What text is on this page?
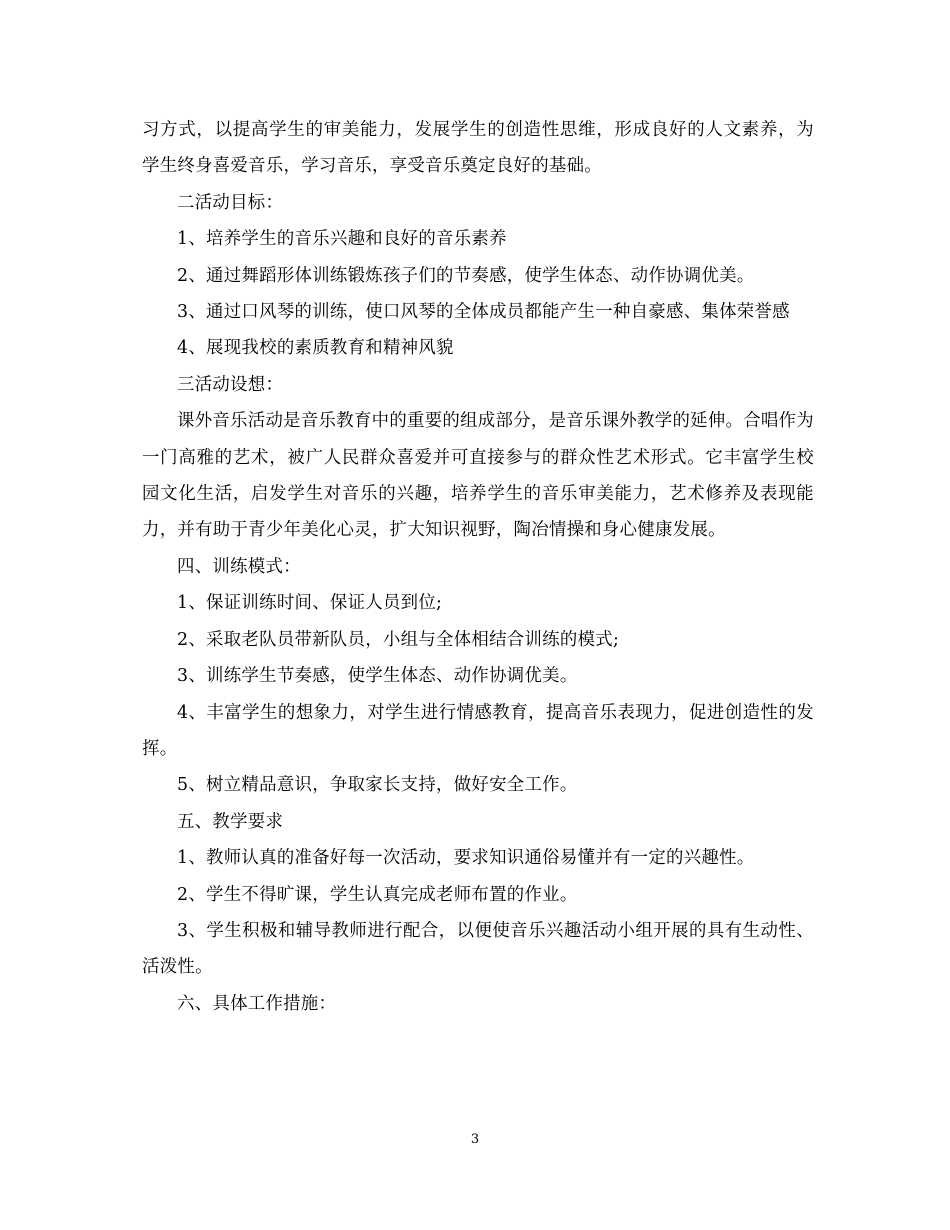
习方式，以提高学生的审美能力，发展学生的创造性思维，形成良好的人文素养，为学生终身喜爱音乐，学习音乐，享受音乐奠定良好的基础。

二活动目标：

1、培养学生的音乐兴趣和良好的音乐素养

2、通过舞蹈形体训练锻炼孩子们的节奏感，使学生体态、动作协调优美。

3、通过口风琴的训练，使口风琴的全体成员都能产生一种自豪感、集体荣誉感

4、展现我校的素质教育和精神风貌

三活动设想：

课外音乐活动是音乐教育中的重要的组成部分，是音乐课外教学的延伸。合唱作为一门高雅的艺术，被广人民群众喜爱并可直接参与的群众性艺术形式。它丰富学生校园文化生活，启发学生对音乐的兴趣，培养学生的音乐审美能力，艺术修养及表现能力，并有助于青少年美化心灵，扩大知识视野，陶冶情操和身心健康发展。

四、训练模式：

1、保证训练时间、保证人员到位;

2、采取老队员带新队员，小组与全体相结合训练的模式;

3、训练学生节奏感，使学生体态、动作协调优美。

4、丰富学生的想象力，对学生进行情感教育，提高音乐表现力，促进创造性的发挥。

5、树立精品意识，争取家长支持，做好安全工作。

五、教学要求

1、教师认真的准备好每一次活动，要求知识通俗易懂并有一定的兴趣性。

2、学生不得旷课，学生认真完成老师布置的作业。

3、学生积极和辅导教师进行配合，以便使音乐兴趣活动小组开展的具有生动性、活泼性。

六、具体工作措施：

3
